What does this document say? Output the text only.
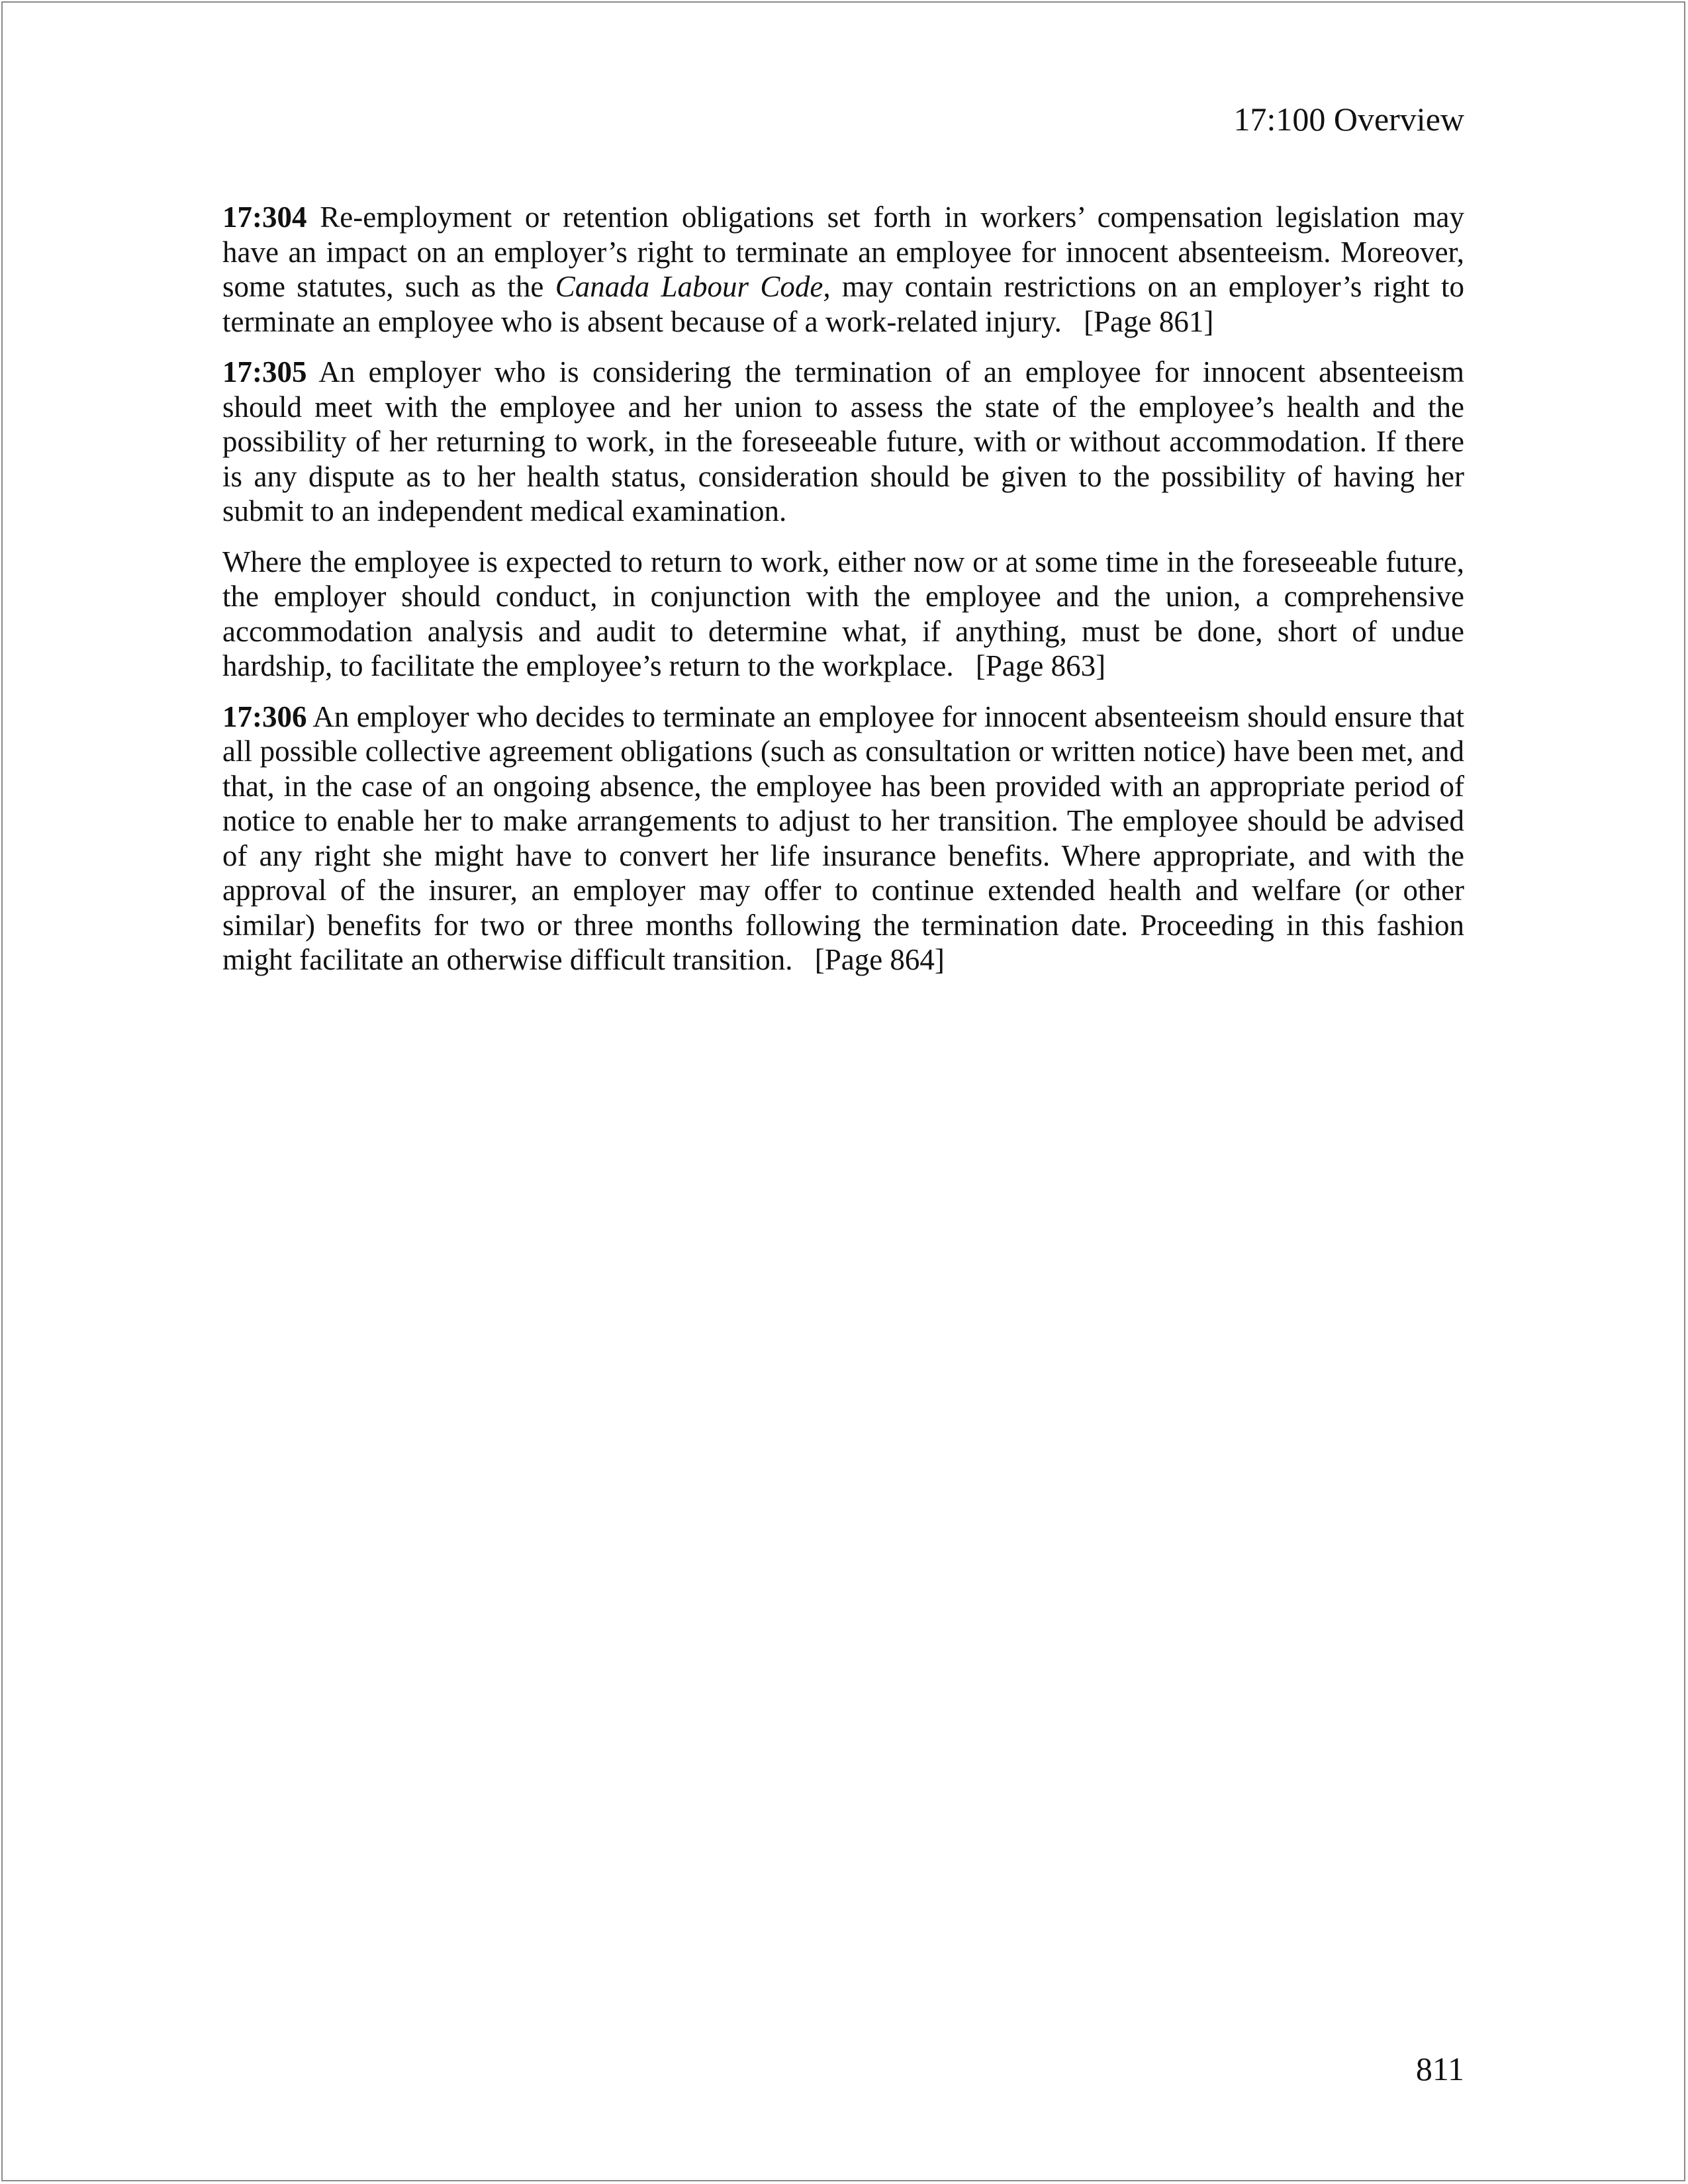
17:100 Overview

17:304 Re-employment or retention obligations set forth in workers’ compensation legislation may have an impact on an employer’s right to terminate an employee for innocent absenteeism. Moreover, some statutes, such as the Canada Labour Code, may contain restrictions on an employer’s right to terminate an employee who is absent because of a work-related injury. [Page 861]

17:305 An employer who is considering the termination of an employee for innocent absenteeism should meet with the employee and her union to assess the state of the employee’s health and the possibility of her returning to work, in the foreseeable future, with or without accommodation. If there is any dispute as to her health status, consideration should be given to the possibility of having her submit to an independent medical examination.

Where the employee is expected to return to work, either now or at some time in the foreseeable future, the employer should conduct, in conjunction with the employee and the union, a comprehensive accommodation analysis and audit to determine what, if anything, must be done, short of undue hardship, to facilitate the employee’s return to the workplace. [Page 863]

17:306 An employer who decides to terminate an employee for innocent absenteeism should ensure that all possible collective agreement obligations (such as consultation or written notice) have been met, and that, in the case of an ongoing absence, the employee has been provided with an appropriate period of notice to enable her to make arrangements to adjust to her transition. The employee should be advised of any right she might have to convert her life insurance benefits. Where appropriate, and with the approval of the insurer, an employer may offer to continue extended health and welfare (or other similar) benefits for two or three months following the termination date. Proceeding in this fashion might facilitate an otherwise difficult transition. [Page 864]

811
